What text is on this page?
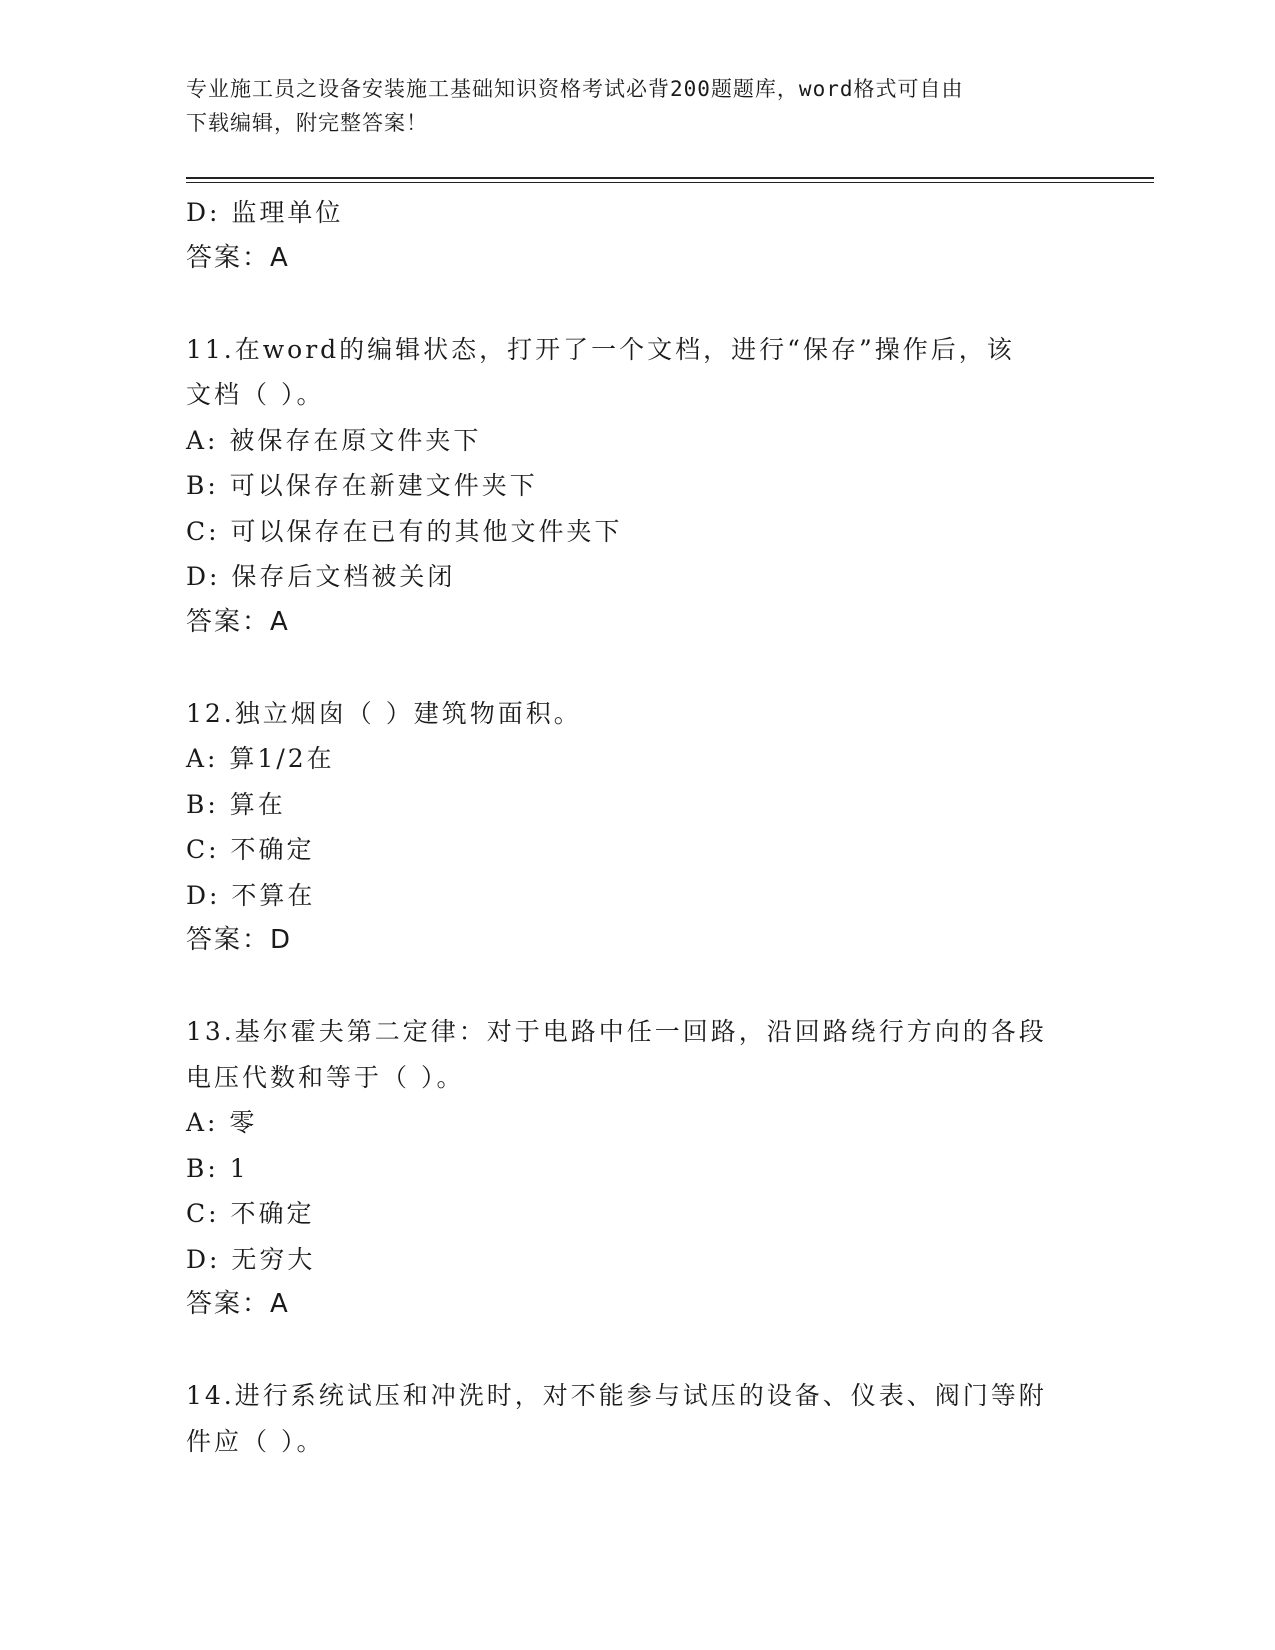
专业施工员之设备安装施工基础知识资格考试必背200题题库，word格式可自由
下载编辑，附完整答案！
D: 监理单位
答案：A
11.在word的编辑状态，打开了一个文档，进行“保存”操作后，该
文档（ ）。
A: 被保存在原文件夹下
B: 可以保存在新建文件夹下
C: 可以保存在已有的其他文件夹下
D: 保存后文档被关闭
答案：A
12.独立烟囱（ ）建筑物面积。
A: 算1/2在
B: 算在
C: 不确定
D: 不算在
答案：D
13.基尔霍夫第二定律：对于电路中任一回路，沿回路绕行方向的各段
电压代数和等于（ ）。
A: 零
B: 1
C: 不确定
D: 无穷大
答案：A
14.进行系统试压和冲洗时，对不能参与试压的设备、仪表、阀门等附
件应（ ）。
